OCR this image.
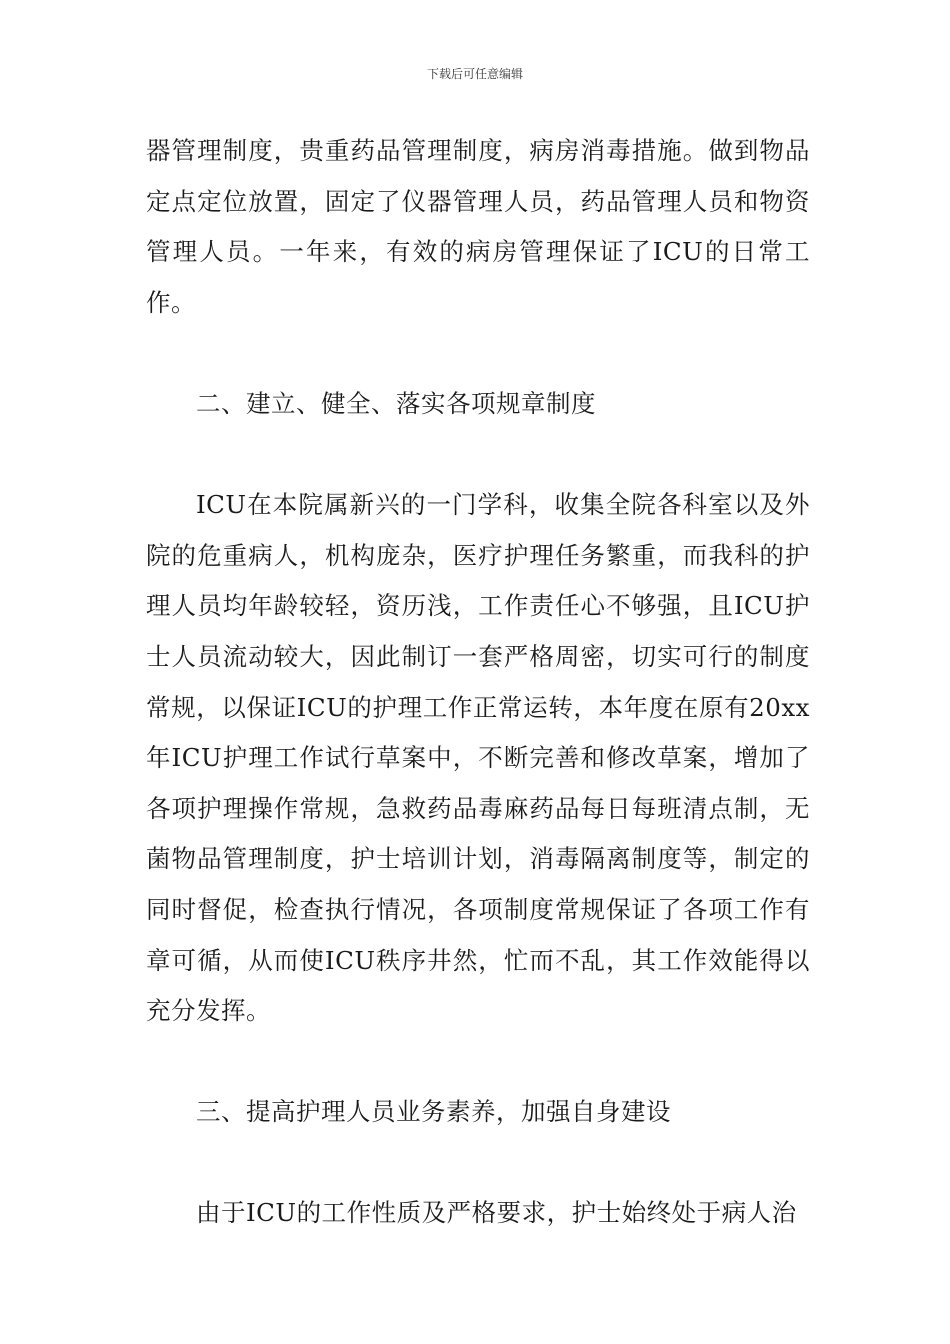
下载后可任意编辑

器管理制度，贵重药品管理制度，病房消毒措施。做到物品定点定位放置，固定了仪器管理人员，药品管理人员和物资管理人员。一年来，有效的病房管理保证了ICU的日常工作。

二、建立、健全、落实各项规章制度

ICU在本院属新兴的一门学科，收集全院各科室以及外院的危重病人，机构庞杂，医疗护理任务繁重，而我科的护理人员均年龄较轻，资历浅，工作责任心不够强，且ICU护士人员流动较大，因此制订一套严格周密，切实可行的制度常规，以保证ICU的护理工作正常运转，本年度在原有20xx年ICU护理工作试行草案中，不断完善和修改草案，增加了各项护理操作常规，急救药品毒麻药品每日每班清点制，无菌物品管理制度，护士培训计划，消毒隔离制度等，制定的同时督促，检查执行情况，各项制度常规保证了各项工作有章可循，从而使ICU秩序井然，忙而不乱，其工作效能得以充分发挥。

三、提高护理人员业务素养，加强自身建设

由于ICU的工作性质及严格要求，护士始终处于病人治
